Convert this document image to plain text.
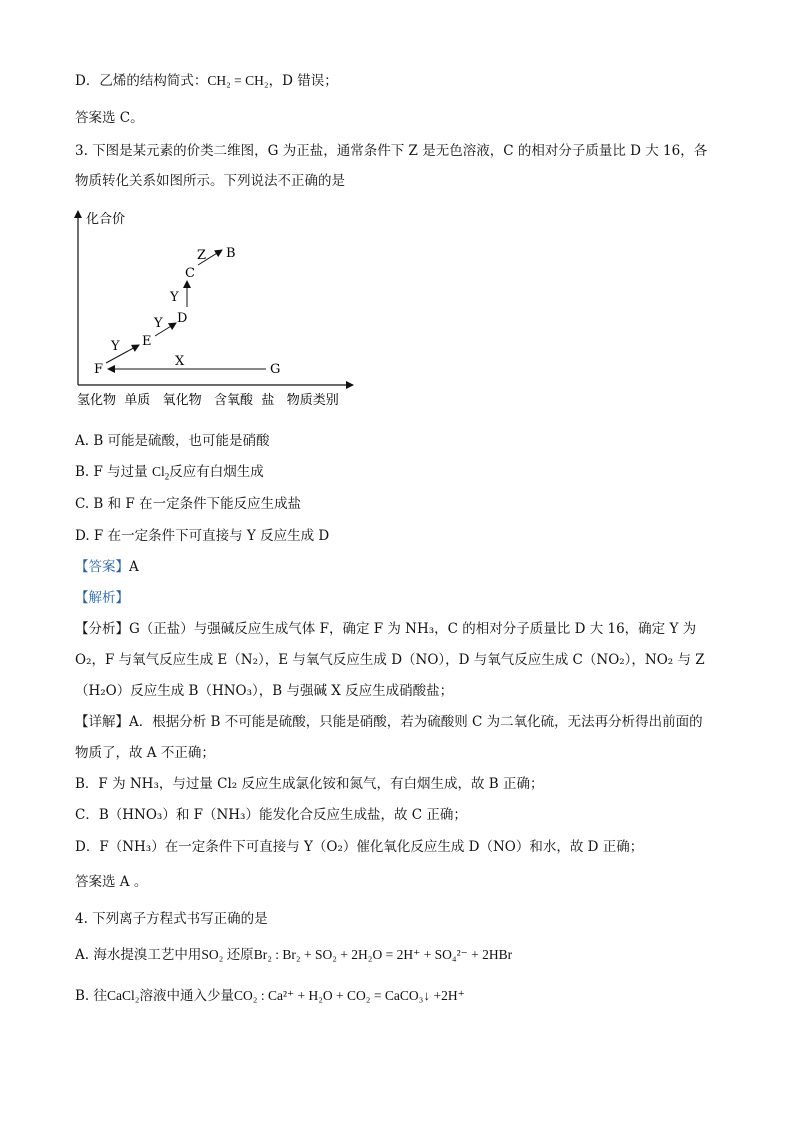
D．乙烯的结构简式：CH₂ = CH₂，D 错误；
答案选 C。
3. 下图是某元素的价类二维图，G 为正盐，通常条件下 Z 是无色溶液，C 的相对分子质量比 D 大 16，各
物质转化关系如图所示。下列说法不正确的是
化合价
氢化物  单质   氧化物   含氧酸  盐   物质类别
F
E
D
C
B
G
Y
Y
Y
Z
X
A. B 可能是硫酸，也可能是硝酸
B. F 与过量 $Cl_2$反应有白烟生成
C. B 和 F 在一定条件下能反应生成盐
D. F 在一定条件下可直接与 Y 反应生成 D
【答案】A
【解析】
【分析】G（正盐）与强碱反应生成气体 F，确定 F 为 NH₃，C 的相对分子质量比 D 大 16，确定 Y 为
O₂，F 与氧气反应生成 E（N₂），E 与氧气反应生成 D（NO），D 与氧气反应生成 C（NO₂），NO₂ 与 Z
（H₂O）反应生成 B（HNO₃），B 与强碱 X 反应生成硝酸盐；
【详解】A．根据分析 B 不可能是硫酸，只能是硝酸，若为硫酸则 C 为二氧化硫，无法再分析得出前面的
物质了，故 A 不正确；
B．F 为 NH₃，与过量 Cl₂ 反应生成氯化铵和氮气，有白烟生成，故 B 正确；
C．B（HNO₃）和 F（NH₃）能发化合反应生成盐，故 C 正确；
D．F（NH₃）在一定条件下可直接与 Y（O₂）催化氧化反应生成 D（NO）和水，故 D 正确；
答案选 A 。
4. 下列离子方程式书写正确的是
A. 海水提溴工艺中用SO₂ 还原Br₂ : Br₂ + SO₂ + 2H₂O = 2H⁺ + SO₄²⁻ + 2HBr
B. 往CaCl₂溶液中通入少量CO₂ : Ca²⁺ + H₂O + CO₂ = CaCO₃↓ +2H⁺
